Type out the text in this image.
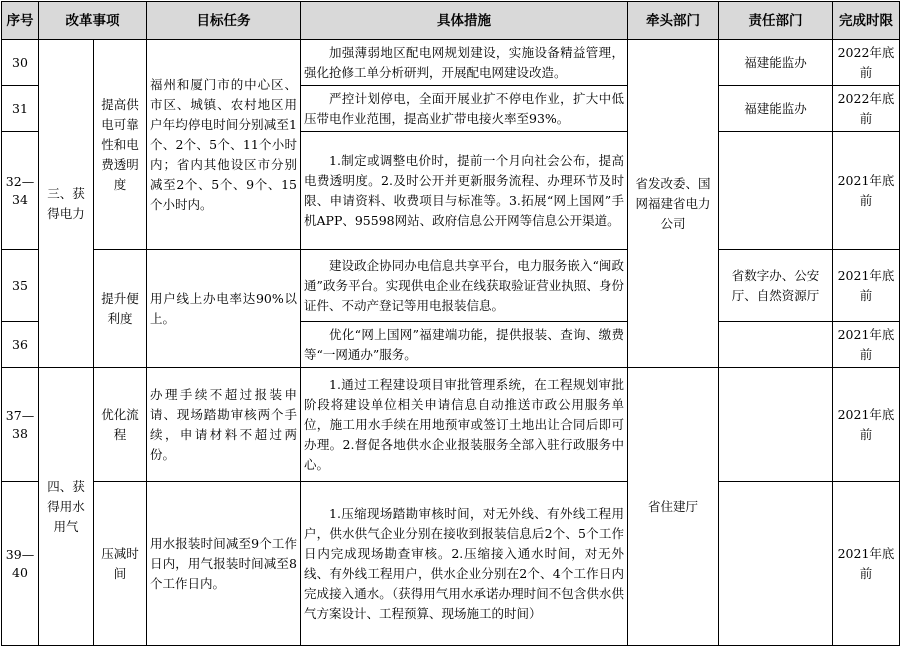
序号	改革事项		目标任务	具体措施	牵头部门	责任部门	完成时限
30	三、获得电力	提高供电可靠性和电费透明度	福州和厦门市的中心区、市区、城镇、农村地区用户年均停电时间分别减至1个、2个、5个、11个小时内；省内其他设区市分别减至2个、5个、9个、15个小时内。	加强薄弱地区配电网规划建设，实施设备精益管理，强化抢修工单分析研判，开展配电网建设改造。	省发改委、国网福建省电力公司	福建能监办	2022年底前
31				严控计划停电，全面开展业扩不停电作业，扩大中低压带电作业范围，提高业扩带电接火率至93%。		福建能监办	2022年底前
32—34				1.制定或调整电价时，提前一个月向社会公布，提高电费透明度。2.及时公开并更新服务流程、办理环节及时限、申请资料、收费项目与标准等。3.拓展“网上国网”手机APP、95598网站、政府信息公开网等信息公开渠道。			2021年底前
35		提升便利度	用户线上办电率达90%以上。	建设政企协同办电信息共享平台，电力服务嵌入“闽政通”政务平台。实现供电企业在线获取验证营业执照、身份证件、不动产登记等用电报装信息。		省数字办、公安厅、自然资源厅	2021年底前
36				优化“网上国网”福建端功能，提供报装、查询、缴费等“一网通办”服务。			2021年底前
37—38	四、获得用水用气	优化流程	办理手续不超过报装申请、现场踏勘审核两个手续，申请材料不超过两份。	1.通过工程建设项目审批管理系统，在工程规划审批阶段将建设单位相关申请信息自动推送市政公用服务单位，施工用水手续在用地预审或签订土地出让合同后即可办理。2.督促各地供水企业报装服务全部入驻行政服务中心。	省住建厅		2021年底前
39—40		压减时间	用水报装时间减至9个工作日内，用气报装时间减至8个工作日内。	1.压缩现场踏勘审核时间，对无外线、有外线工程用户，供水供气企业分别在接收到报装信息后2个、5个工作日内完成现场勘查审核。2.压缩接入通水时间，对无外线、有外线工程用户，供水企业分别在2个、4个工作日内完成接入通水。（获得用气用水承诺办理时间不包含供水供气方案设计、工程预算、现场施工的时间）			2021年底前
